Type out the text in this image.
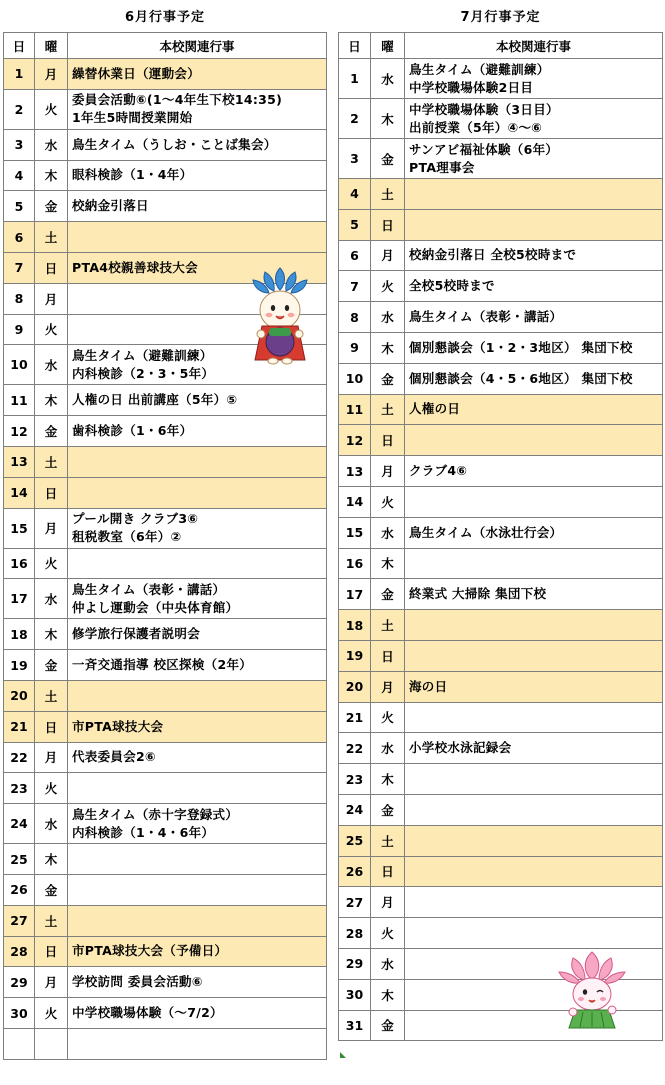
6月行事予定
日	曜	本校関連行事
1	月	繰替休業日（運動会）

2	火	委員会活動⑥(1～4年生下校14:35)
1年生5時間授業開始

3	水	鳥生タイム（うしお・ことば集会）

4	木	眼科検診（1・4年）

5	金	校納金引落日

6	土	

7	日	PTA4校親善球技大会

8	月	

9	火	

10	水	鳥生タイム（避難訓練）
内科検診（2・3・5年）

11	木	人権の日 出前講座（5年）⑤

12	金	歯科検診（1・6年）

13	土	

14	日	

15	月	プール開き クラブ3⑥
租税教室（6年）②

16	火	

17	水	鳥生タイム（表彰・講話）
仲よし運動会（中央体育館）

18	木	修学旅行保護者説明会

19	金	一斉交通指導 校区探検（2年）

20	土	

21	日	市PTA球技大会

22	月	代表委員会2⑥

23	火	

24	水	鳥生タイム（赤十字登録式）
内科検診（1・4・6年）

25	木	

26	金	

27	土	

28	日	市PTA球技大会（予備日）

29	月	学校訪問 委員会活動⑥

30	火	中学校職場体験（～7/2）

7月行事予定
日	曜	本校関連行事
1	水	鳥生タイム（避難訓練）
中学校職場体験2日目

2	木	中学校職場体験（3日目）
出前授業（5年）④～⑥

3	金	サンアビ福祉体験（6年）
PTA理事会

4	土	

5	日	

6	月	校納金引落日 全校5校時まで

7	火	全校5校時まで

8	水	鳥生タイム（表彰・講話）

9	木	個別懇談会（1・2・3地区） 集団下校

10	金	個別懇談会（4・5・6地区） 集団下校

11	土	人権の日

12	日	

13	月	クラブ4⑥

14	火	

15	水	鳥生タイム（水泳壮行会）

16	木	

17	金	終業式 大掃除 集団下校

18	土	

19	日	

20	月	海の日

21	火	

22	水	小学校水泳記録会

23	木	

24	金	

25	土	

26	日	

27	月	

28	火	

29	水	

30	木	

31	金	
